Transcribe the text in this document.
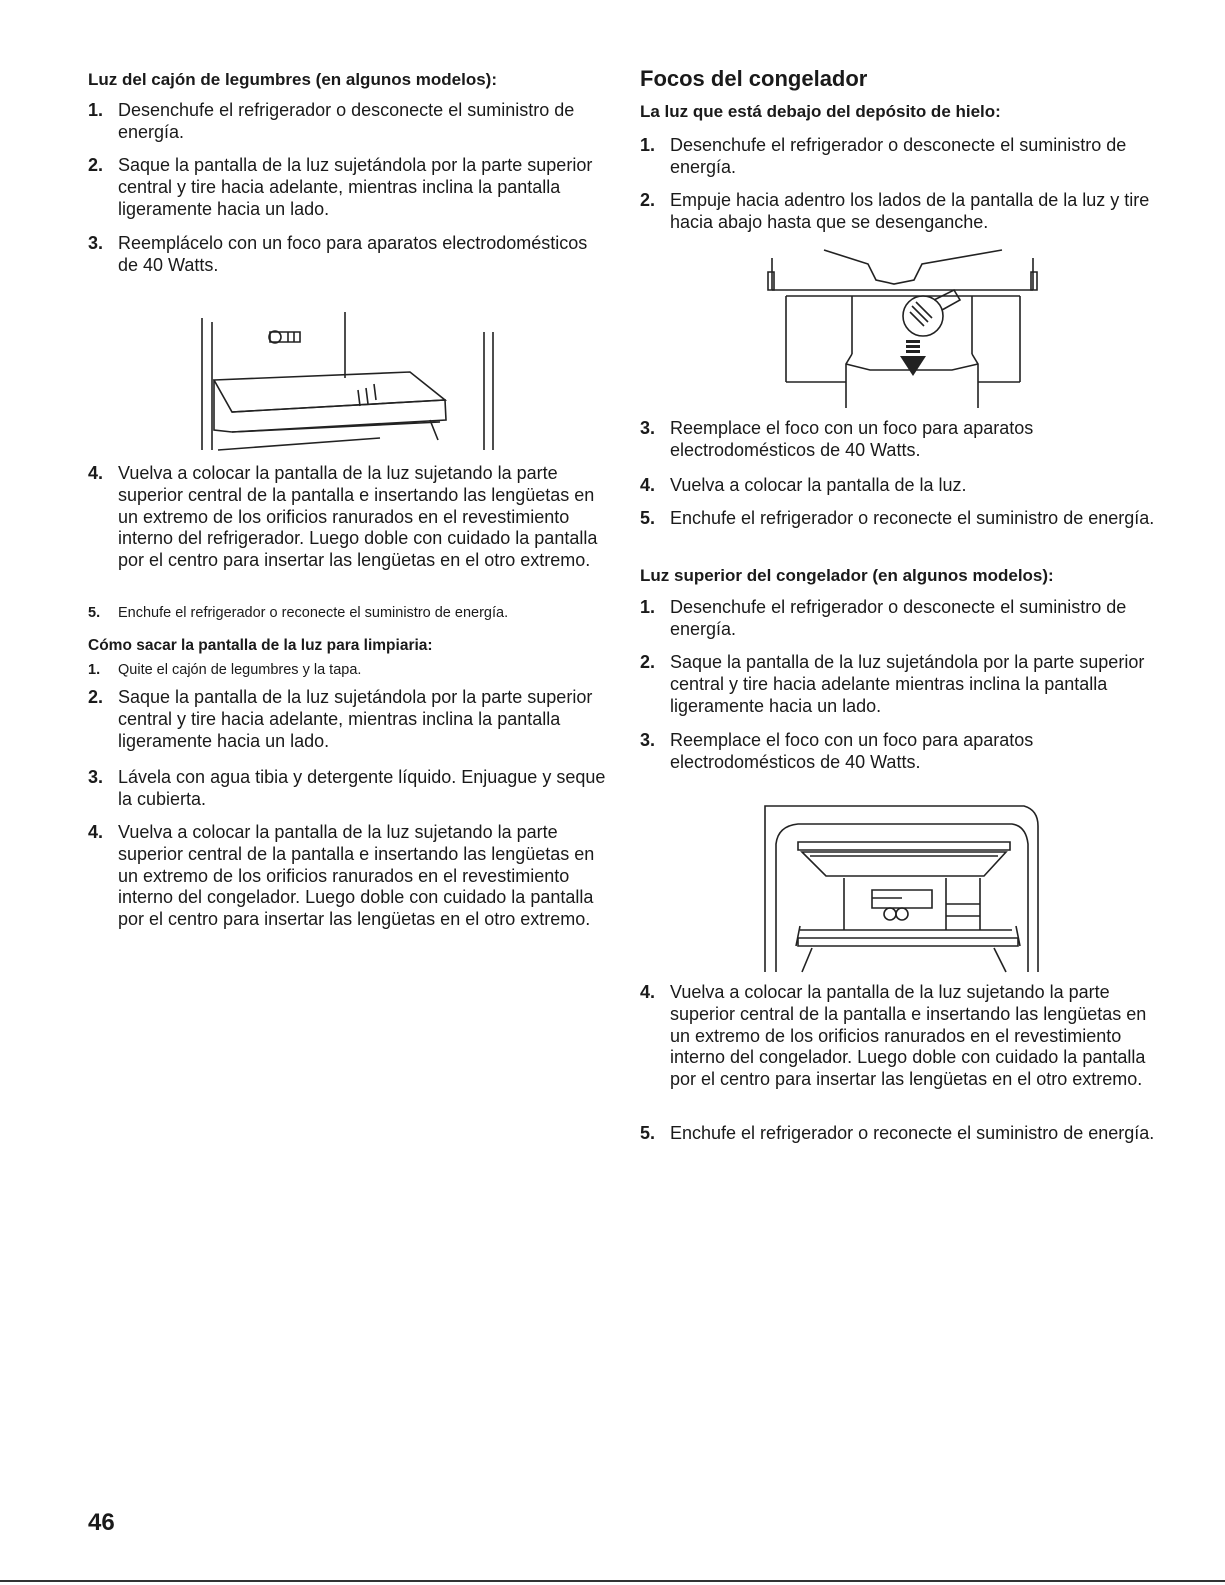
Luz del cajón de legumbres (en algunos modelos):
1. Desenchufe el refrigerador o desconecte el suministro de energía.
2. Saque la pantalla de la luz sujetándola por la parte superior central y tire hacia adelante, mientras inclina la pantalla ligeramente hacia un lado.
3. Reemplácelo con un foco para aparatos electrodomésticos de 40 Watts.
4. Vuelva a colocar la pantalla de la luz sujetando la parte superior central de la pantalla e insertando las lengüetas en un extremo de los orificios ranurados en el revestimiento interno del refrigerador. Luego doble con cuidado la pantalla por el centro para insertar las lengüetas en el otro extremo.
5.	Enchufe el refrigerador o reconecte el suministro de energía.
Cómo sacar la pantalla de la luz para limpiaria:
1.	Quite el cajón de legumbres y la tapa.
2. Saque la pantalla de la luz sujetándola por la parte superior central y tire hacia adelante, mientras inclina la pantalla ligeramente hacia un lado.
3. Lávela con agua tibia y detergente líquido. Enjuague y seque la cubierta.
4. Vuelva a colocar la pantalla de la luz sujetando la parte superior central de la pantalla e insertando las lengüetas en un extremo de los orificios ranurados en el revestimiento interno del congelador. Luego doble con cuidado la pantalla por el centro para insertar las lengüetas en el otro extremo.
Focos del congelador
La luz que está debajo del depósito de hielo:
1. Desenchufe el refrigerador o desconecte el suministro de energía.
2. Empuje hacia adentro los lados de la pantalla de la luz y tire hacia abajo hasta que se desenganche.
3. Reemplace el foco con un foco para aparatos electrodomésticos de 40 Watts.
4. Vuelva a colocar la pantalla de la luz.
5. Enchufe el refrigerador o reconecte el suministro de energía.
Luz superior del congelador (en algunos modelos):
1. Desenchufe el refrigerador o desconecte el suministro de energía.
2. Saque la pantalla de la luz sujetándola por la parte superior central y tire hacia adelante mientras inclina la pantalla ligeramente hacia un lado.
3. Reemplace el foco con un foco para aparatos electrodomésticos de 40 Watts.
4. Vuelva a colocar la pantalla de la luz sujetando la parte superior central de la pantalla e insertando las lengüetas en un extremo de los orificios ranurados en el revestimiento interno del congelador. Luego doble con cuidado la pantalla por el centro para insertar las lengüetas en el otro extremo.
5. Enchufe el refrigerador o reconecte el suministro de energía.

46
